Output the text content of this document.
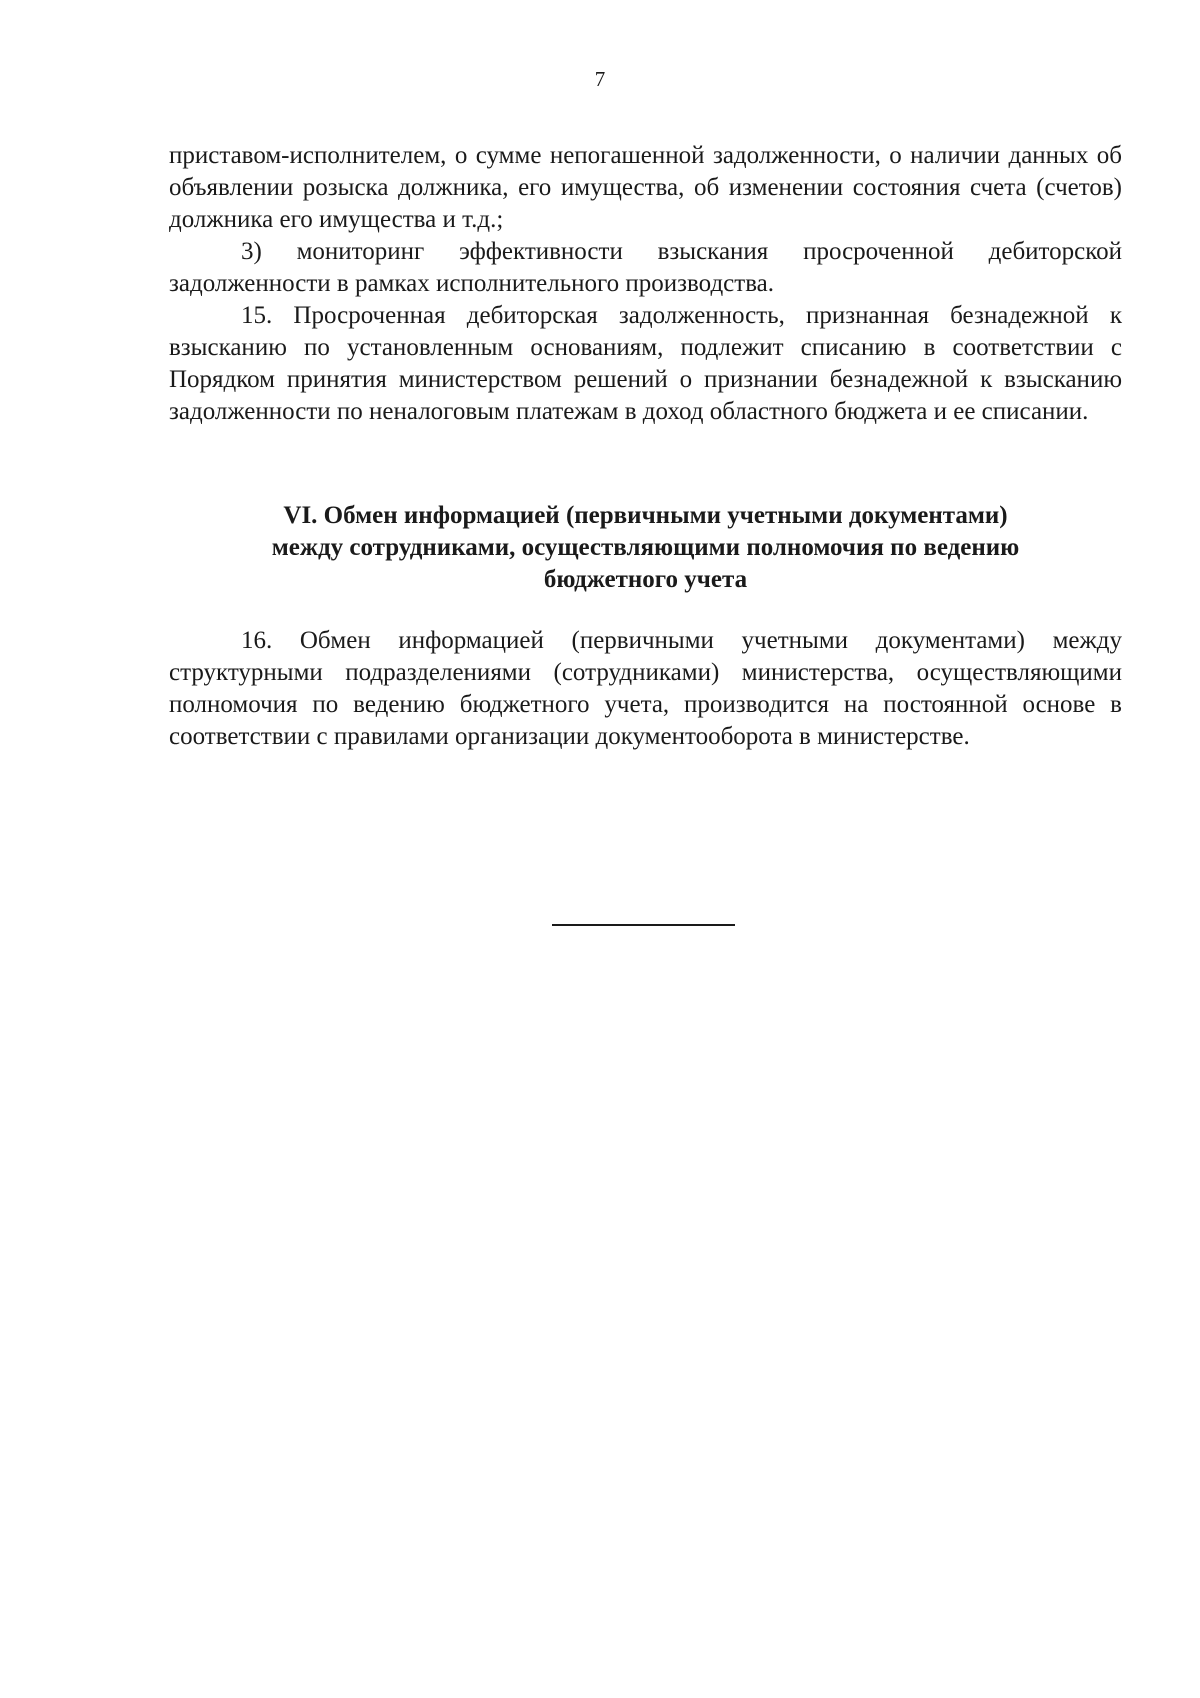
7

приставом-исполнителем, о сумме непогашенной задолженности, о наличии данных об объявлении розыска должника, его имущества, об изменении состояния счета (счетов) должника его имущества и т.д.;

3) мониторинг эффективности взыскания просроченной дебиторской задолженности в рамках исполнительного производства.

15. Просроченная дебиторская задолженность, признанная безнадежной к взысканию по установленным основаниям, подлежит списанию в соответствии с Порядком принятия министерством решений о признании безнадежной к взысканию задолженности по неналоговым платежам в доход областного бюджета и ее списании.

VI. Обмен информацией (первичными учетными документами)
между сотрудниками, осуществляющими полномочия по ведению
бюджетного учета

16. Обмен информацией (первичными учетными документами) между структурными подразделениями (сотрудниками) министерства, осуществляющими полномочия по ведению бюджетного учета, производится на постоянной основе в соответствии с правилами организации документооборота в министерстве.
